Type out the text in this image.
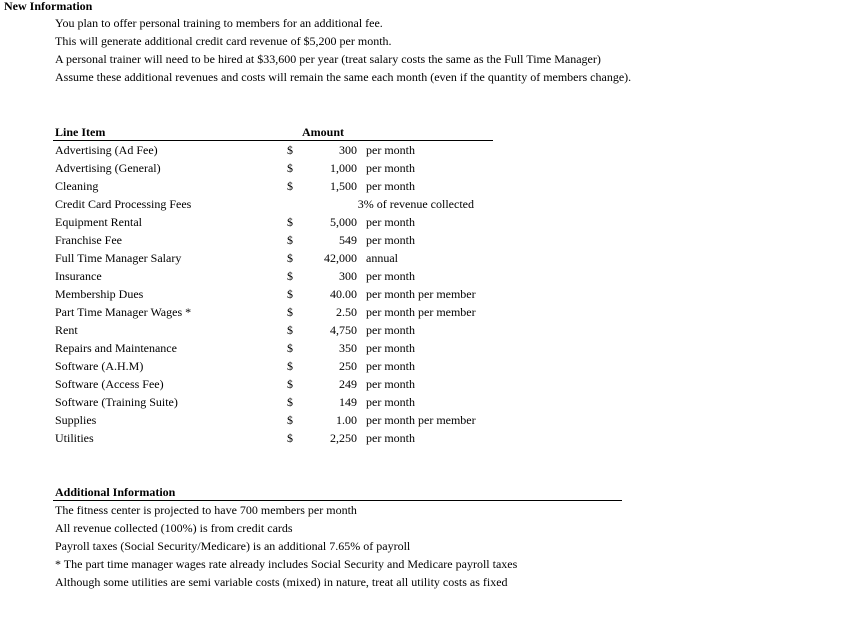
New Information
You plan to offer personal training to members for an additional fee.
This will generate additional credit card revenue of $5,200 per month.
A personal trainer will need to be hired at $33,600 per year (treat salary costs the same as the Full Time Manager)
Assume these additional revenues and costs will remain the same each month (even if the quantity of members change).
Line Item	Amount
Advertising (Ad Fee)	$	300 per month
Advertising (General)	$	1,000 per month
Cleaning	$	1,500 per month
Credit Card Processing Fees	3% of revenue collected
Equipment Rental	$	5,000 per month
Franchise Fee	$	549 per month
Full Time Manager Salary	$	42,000 annual
Insurance	$	300 per month
Membership Dues	$	40.00 per month per member
Part Time Manager Wages *	$	2.50 per month per member
Rent	$	4,750 per month
Repairs and Maintenance	$	350 per month
Software (A.H.M)	$	250 per month
Software (Access Fee)	$	249 per month
Software (Training Suite)	$	149 per month
Supplies	$	1.00 per month per member
Utilities	$	2,250 per month
Additional Information
The fitness center is projected to have 700 members per month
All revenue collected (100%) is from credit cards
Payroll taxes (Social Security/Medicare) is an additional 7.65% of payroll
* The part time manager wages rate already includes Social Security and Medicare payroll taxes
Although some utilities are semi variable costs (mixed) in nature, treat all utility costs as fixed
